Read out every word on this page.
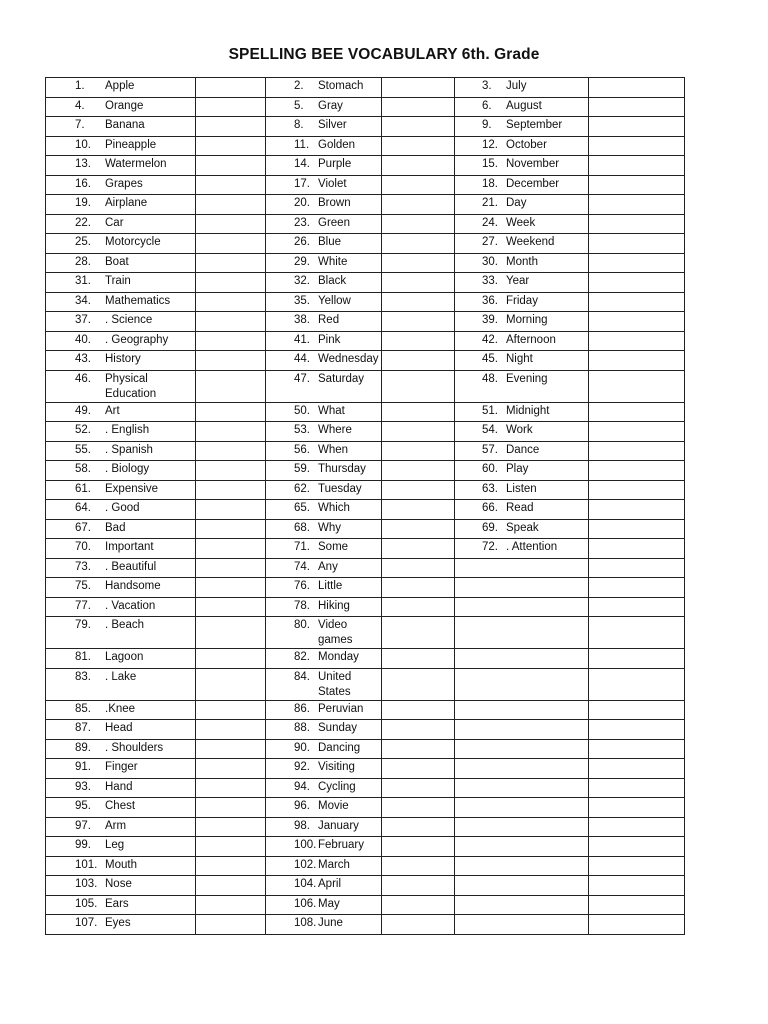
SPELLING BEE VOCABULARY 6th. Grade
1. Apple		2. Stomach		3. July	

4. Orange		5. Gray		6. August	

7. Banana		8. Silver		9. September	

10. Pineapple		11. Golden		12. October	

13. Watermelon		14. Purple		15. November	

16. Grapes		17. Violet		18. December	

19. Airplane		20. Brown		21. Day	

22. Car		23. Green		24. Week	

25. Motorcycle		26. Blue		27. Weekend	

28. Boat		29. White		30. Month	

31. Train		32. Black		33. Year	

34. Mathematics		35. Yellow		36. Friday	

37. . Science		38. Red		39. Morning	

40. . Geography		41. Pink		42. Afternoon	

43. History		44. Wednesday		45. Night	

46. Physical Education		47. Saturday		48. Evening	

49. Art		50. What		51. Midnight	

52. . English		53. Where		54. Work	

55. . Spanish		56. When		57. Dance	

58. . Biology		59. Thursday		60. Play	

61. Expensive		62. Tuesday		63. Listen	

64. . Good		65. Which		66. Read	

67. Bad		68. Why		69. Speak	

70. Important		71. Some		72. . Attention	

73. . Beautiful		74. Any			

75. Handsome		76. Little			

77. . Vacation		78. Hiking			

79. . Beach		80. Video games			

81. Lagoon		82. Monday			

83. . Lake		84. United States			

85. .Knee		86. Peruvian			

87. Head		88. Sunday			

89. . Shoulders		90. Dancing			

91. Finger		92. Visiting			

93. Hand		94. Cycling			

95. Chest		96. Movie			

97. Arm		98. January			

99. Leg		100. February			

101. Mouth		102. March			

103. Nose		104. April			

105. Ears		106. May			

107. Eyes		108. June			
